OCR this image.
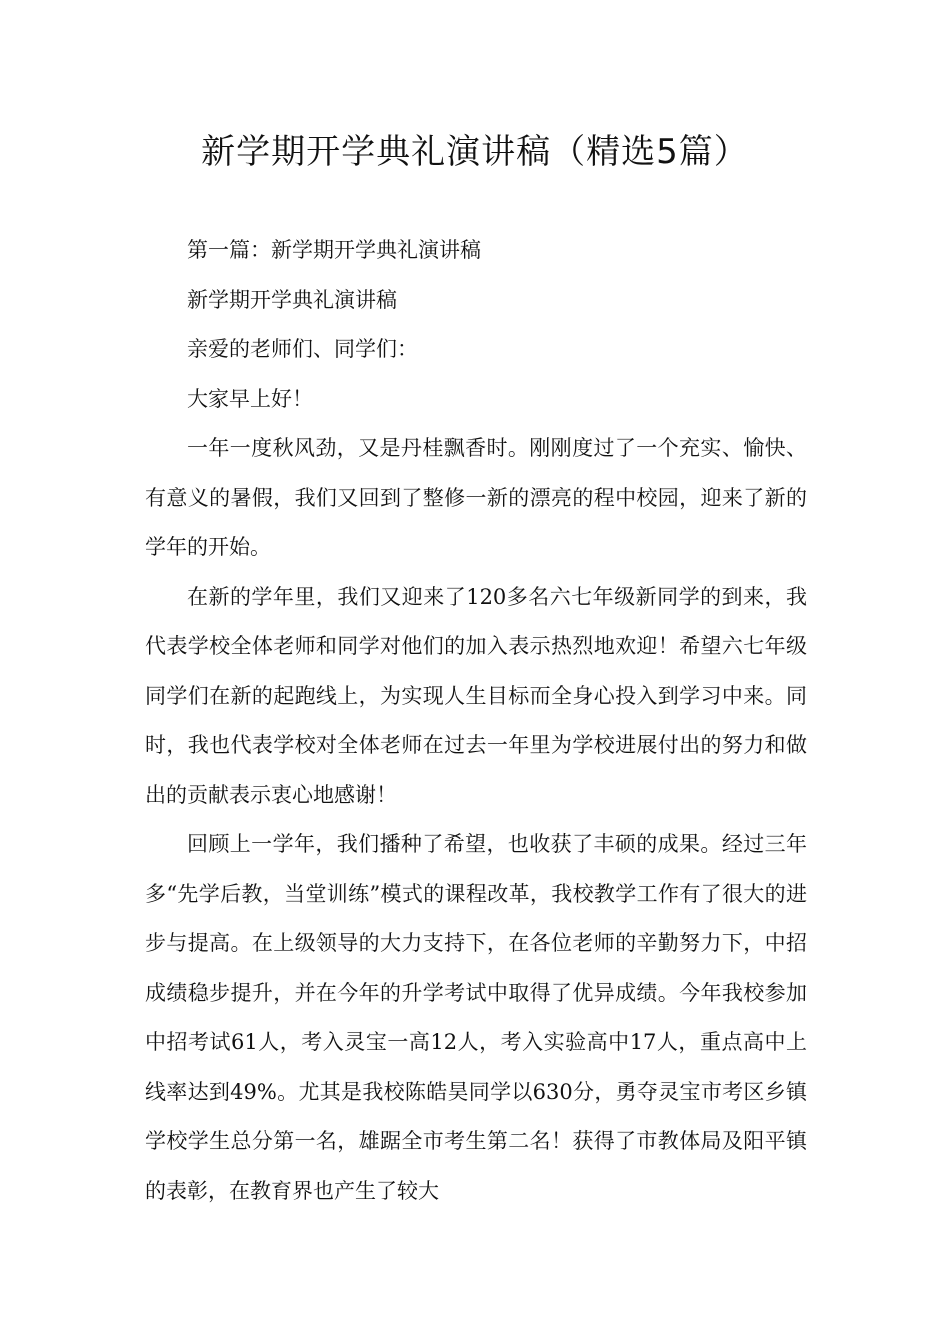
新学期开学典礼演讲稿（精选5篇）

第一篇：新学期开学典礼演讲稿

新学期开学典礼演讲稿

亲爱的老师们、同学们：

大家早上好！

一年一度秋风劲，又是丹桂飘香时。刚刚度过了一个充实、愉快、有意义的暑假，我们又回到了整修一新的漂亮的程中校园，迎来了新的学年的开始。

在新的学年里，我们又迎来了120多名六七年级新同学的到来，我代表学校全体老师和同学对他们的加入表示热烈地欢迎！希望六七年级同学们在新的起跑线上，为实现人生目标而全身心投入到学习中来。同时，我也代表学校对全体老师在过去一年里为学校进展付出的努力和做出的贡献表示衷心地感谢！

回顾上一学年，我们播种了希望，也收获了丰硕的成果。经过三年多“先学后教，当堂训练”模式的课程改革，我校教学工作有了很大的进步与提高。在上级领导的大力支持下，在各位老师的辛勤努力下，中招成绩稳步提升，并在今年的升学考试中取得了优异成绩。今年我校参加中招考试61人，考入灵宝一高12人，考入实验高中17人，重点高中上线率达到49%。尤其是我校陈皓昊同学以630分，勇夺灵宝市考区乡镇学校学生总分第一名，雄踞全市考生第二名！获得了市教体局及阳平镇的表彰，在教育界也产生了较大
